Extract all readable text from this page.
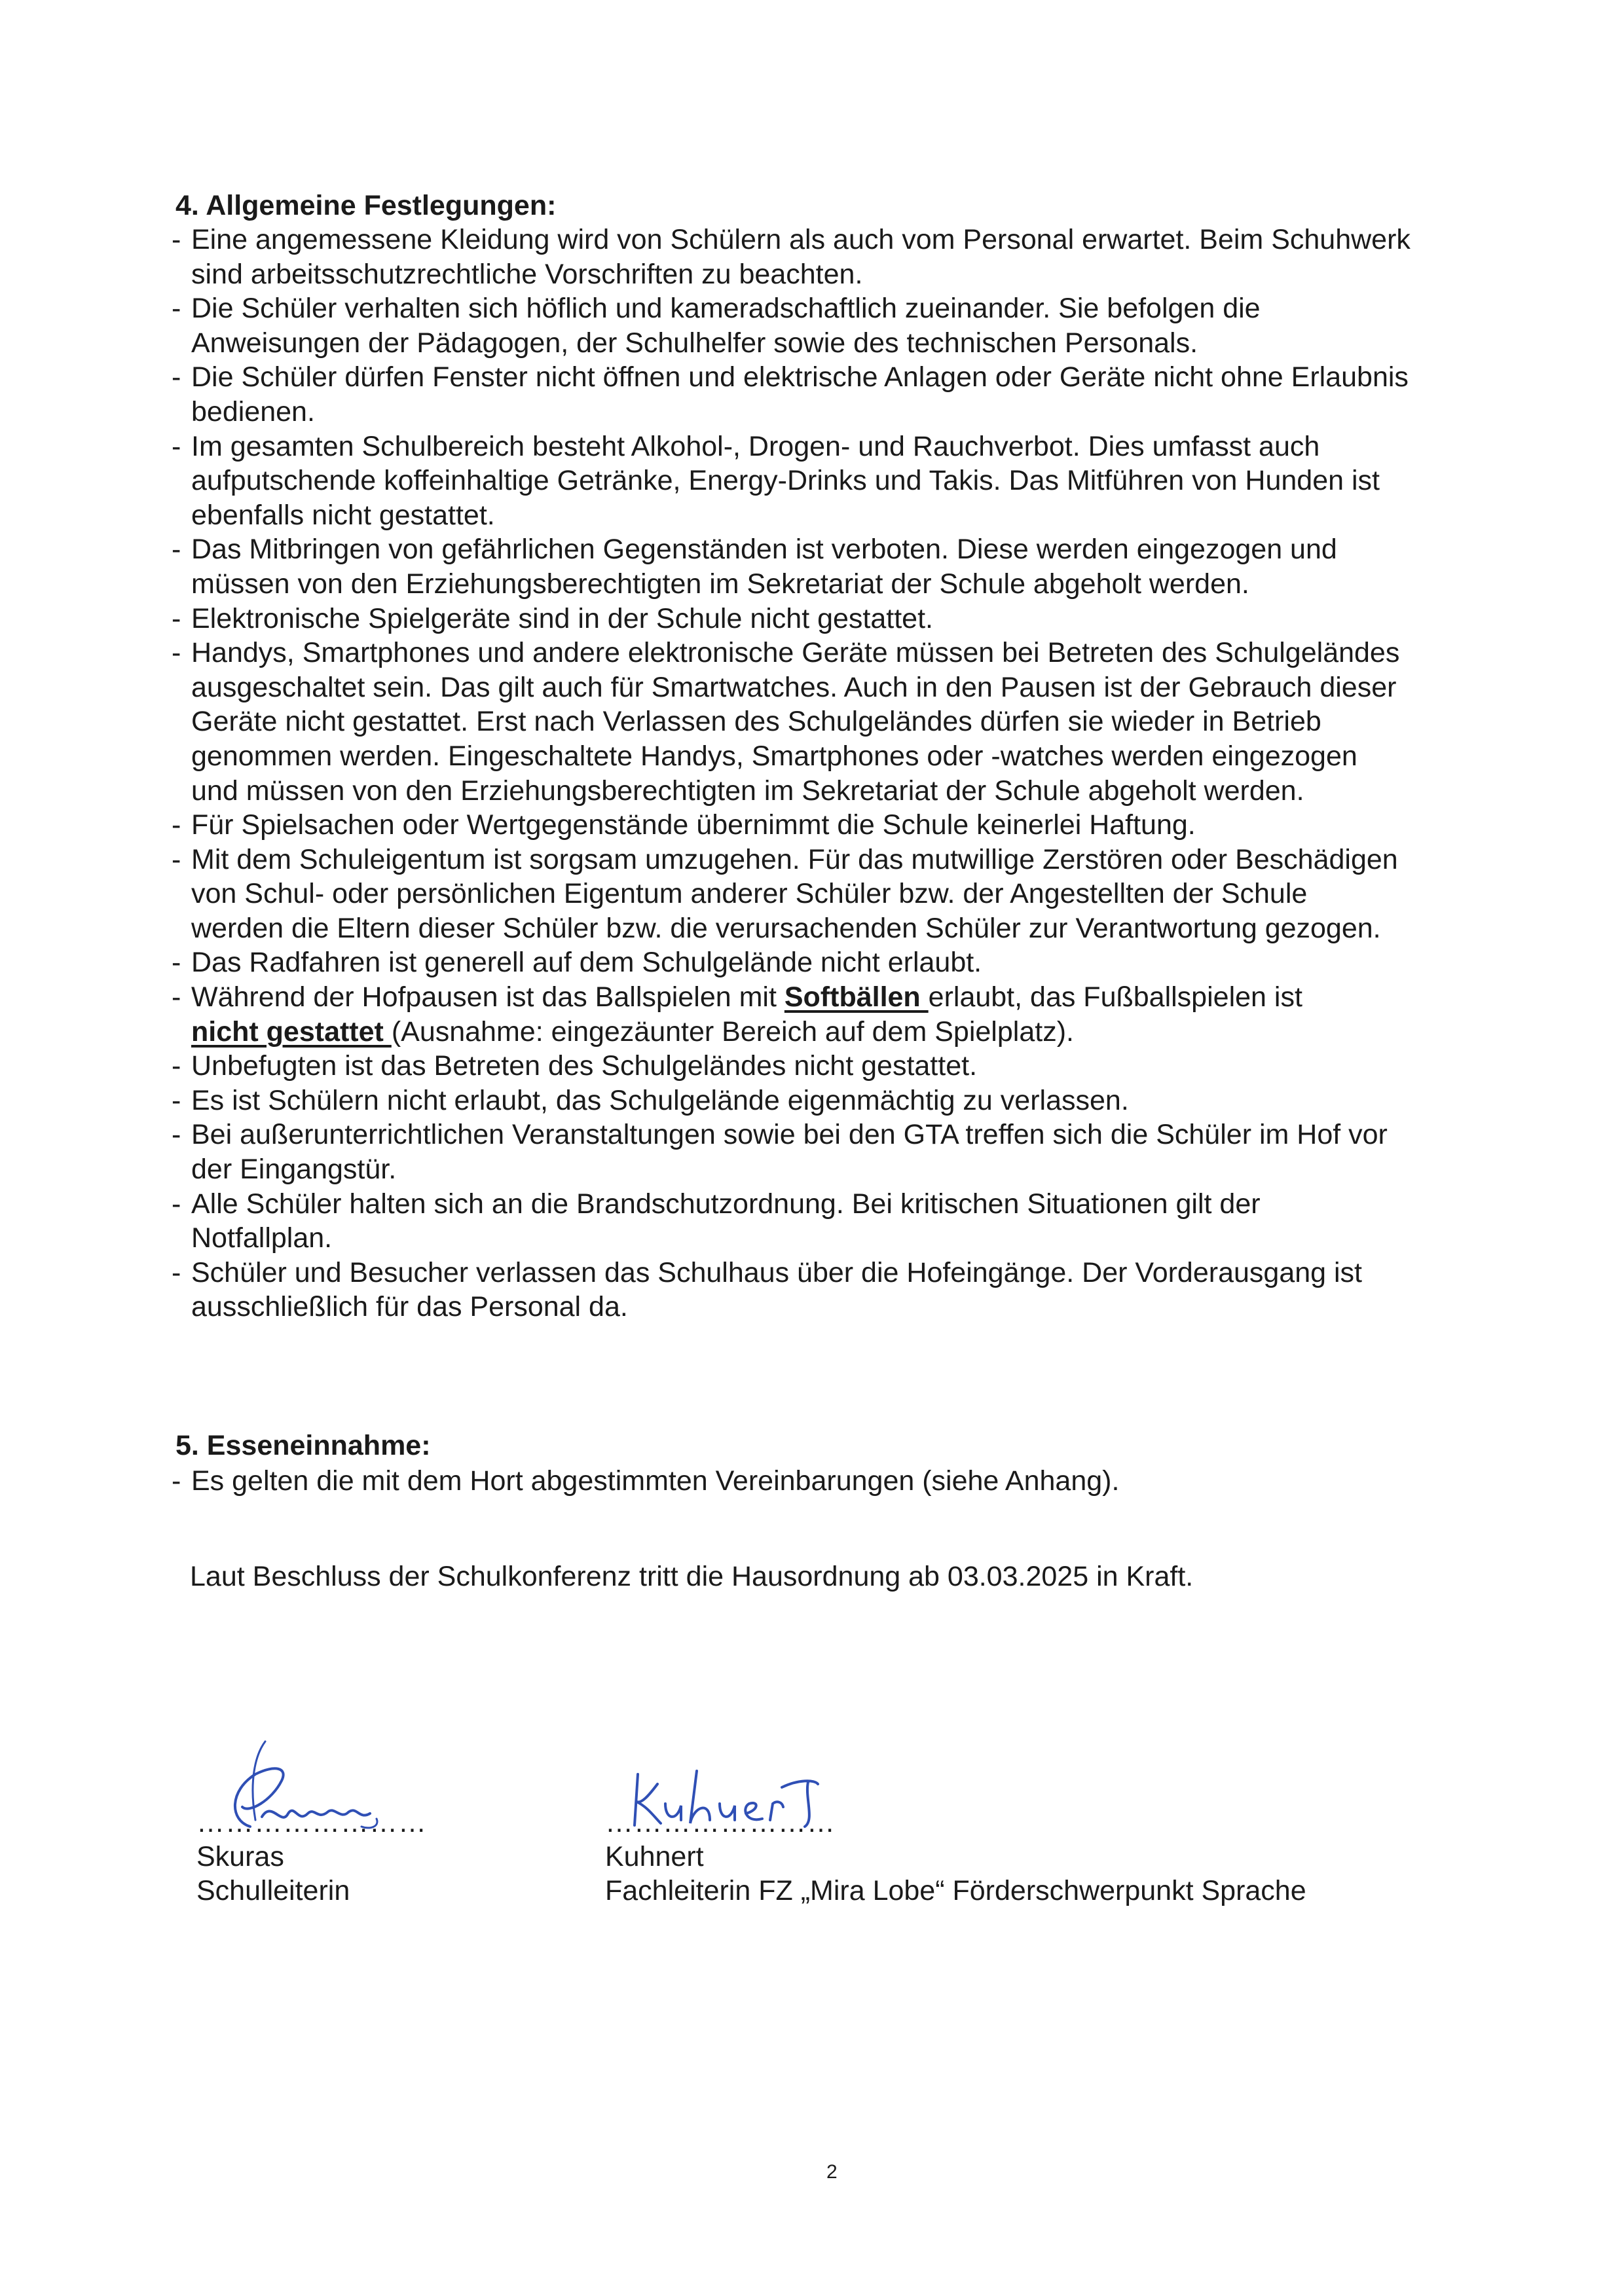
4. Allgemeine Festlegungen:
- Eine angemessene Kleidung wird von Schülern als auch vom Personal erwartet. Beim Schuhwerk
sind arbeitsschutzrechtliche Vorschriften zu beachten.
- Die Schüler verhalten sich höflich und kameradschaftlich zueinander. Sie befolgen die
Anweisungen der Pädagogen, der Schulhelfer sowie des technischen Personals.
- Die Schüler dürfen Fenster nicht öffnen und elektrische Anlagen oder Geräte nicht ohne Erlaubnis
bedienen.
- Im gesamten Schulbereich besteht Alkohol-, Drogen- und Rauchverbot. Dies umfasst auch
aufputschende koffeinhaltige Getränke, Energy-Drinks und Takis. Das Mitführen von Hunden ist
ebenfalls nicht gestattet.
- Das Mitbringen von gefährlichen Gegenständen ist verboten. Diese werden eingezogen und
müssen von den Erziehungsberechtigten im Sekretariat der Schule abgeholt werden.
- Elektronische Spielgeräte sind in der Schule nicht gestattet.
- Handys, Smartphones und andere elektronische Geräte müssen bei Betreten des Schulgeländes
ausgeschaltet sein. Das gilt auch für Smartwatches. Auch in den Pausen ist der Gebrauch dieser
Geräte nicht gestattet. Erst nach Verlassen des Schulgeländes dürfen sie wieder in Betrieb
genommen werden. Eingeschaltete Handys, Smartphones oder -watches werden eingezogen
und müssen von den Erziehungsberechtigten im Sekretariat der Schule abgeholt werden.
- Für Spielsachen oder Wertgegenstände übernimmt die Schule keinerlei Haftung.
- Mit dem Schuleigentum ist sorgsam umzugehen. Für das mutwillige Zerstören oder Beschädigen
von Schul- oder persönlichen Eigentum anderer Schüler bzw. der Angestellten der Schule
werden die Eltern dieser Schüler bzw. die verursachenden Schüler zur Verantwortung gezogen.
- Das Radfahren ist generell auf dem Schulgelände nicht erlaubt.
- Während der Hofpausen ist das Ballspielen mit Softbällen erlaubt, das Fußballspielen ist
nicht gestattet (Ausnahme: eingezäunter Bereich auf dem Spielplatz).
- Unbefugten ist das Betreten des Schulgeländes nicht gestattet.
- Es ist Schülern nicht erlaubt, das Schulgelände eigenmächtig zu verlassen.
- Bei außerunterrichtlichen Veranstaltungen sowie bei den GTA treffen sich die Schüler im Hof vor
der Eingangstür.
- Alle Schüler halten sich an die Brandschutzordnung. Bei kritischen Situationen gilt der
Notfallplan.
- Schüler und Besucher verlassen das Schulhaus über die Hofeingänge. Der Vorderausgang ist
ausschließlich für das Personal da.
5. Esseneinnahme:
- Es gelten die mit dem Hort abgestimmten Vereinbarungen (siehe Anhang).
Laut Beschluss der Schulkonferenz tritt die Hausordnung ab 03.03.2025 in Kraft.
……………………
Skuras
Schulleiterin
……………………
Kuhnert
Fachleiterin FZ „Mira Lobe“ Förderschwerpunkt Sprache
2
